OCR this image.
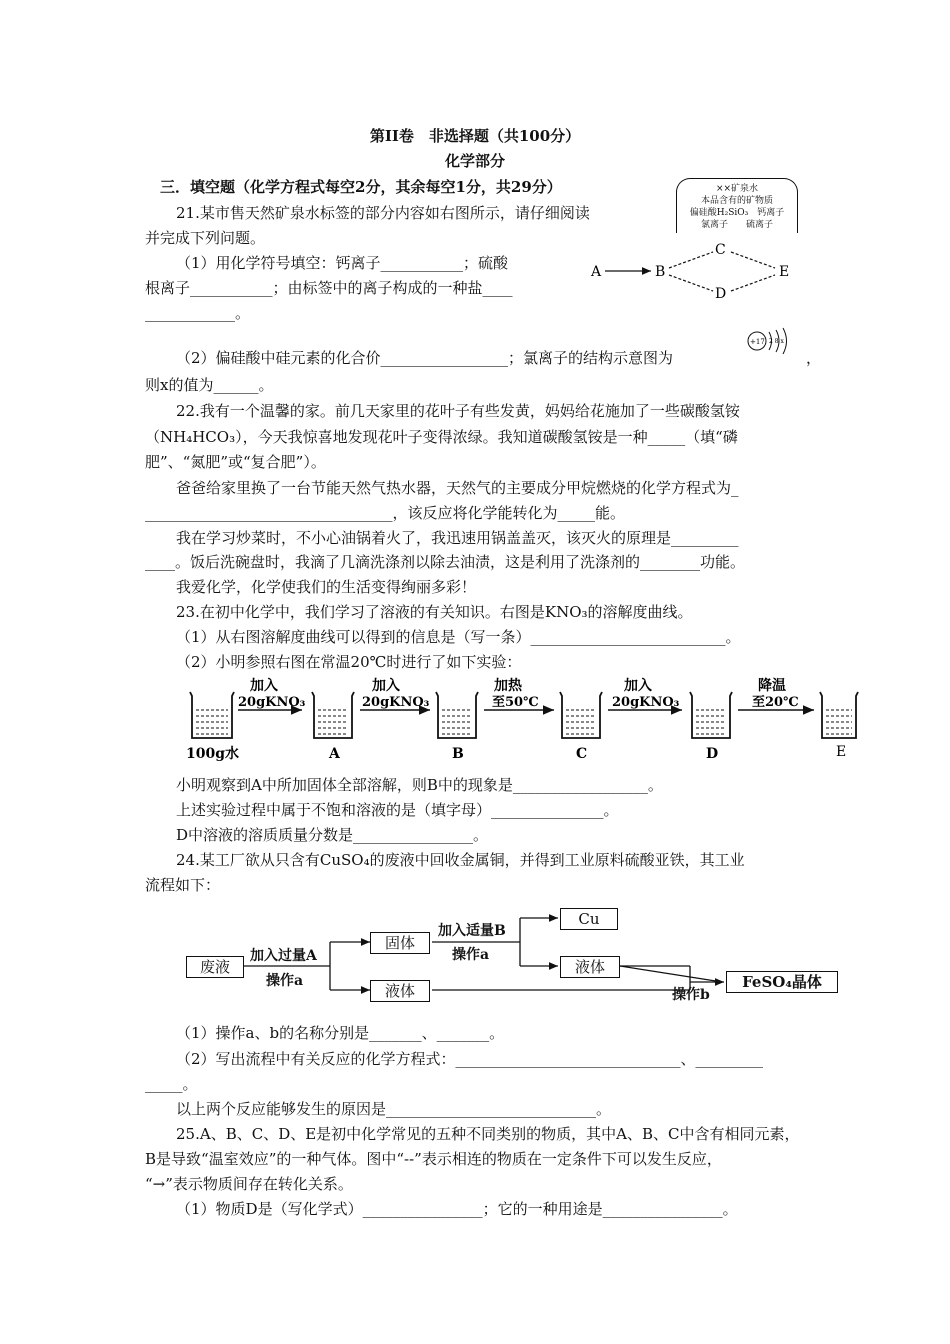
第II卷　非选择题（共100分）
化学部分
三．填空题（化学方程式每空2分，其余每空1分，共29分）
21.某市售天然矿泉水标签的部分内容如右图所示，请仔细阅读
并完成下列问题。
（1）用化学符号填空：钙离子___________；硫酸
根离子___________；由标签中的离子构成的一种盐____
____________。
（2）偏硅酸中硅元素的化合价_________________；氯离子的结构示意图为	，
则x的值为______。
××矿泉水
本品含有的矿物质
偏硅酸H₂SiO₃　钙离子
氯离子　　硫离子
A	B
C
D
E
+17 2 8 x
22.我有一个温馨的家。前几天家里的花叶子有些发黄，妈妈给花施加了一些碳酸氢铵
（NH₄HCO₃），今天我惊喜地发现花叶子变得浓绿。我知道碳酸氢铵是一种_____（填“磷
肥”、“氮肥”或“复合肥”）。
爸爸给家里换了一台节能天然气热水器，天然气的主要成分甲烷燃烧的化学方程式为_
_________________________________，该反应将化学能转化为_____能。
我在学习炒菜时，不小心油锅着火了，我迅速用锅盖盖灭，该灭火的原理是_________
____。饭后洗碗盘时，我滴了几滴洗涤剂以除去油渍，这是利用了洗涤剂的________功能。
我爱化学，化学使我们的生活变得绚丽多彩！
23.在初中化学中，我们学习了溶液的有关知识。右图是KNO₃的溶解度曲线。
（1）从右图溶解度曲线可以得到的信息是（写一条）__________________________。
（2）小明参照右图在常温20℃时进行了如下实验：
100g水
加入
20gKNO₃
A
加入
20gKNO₃
B
加热
至50℃
C
加入
20gKNO₃
D
降温
至20℃
E
小明观察到A中所加固体全部溶解，则B中的现象是__________________。
上述实验过程中属于不饱和溶液的是（填字母）_______________。
D中溶液的溶质质量分数是________________。
24.某工厂欲从只含有CuSO₄的废液中回收金属铜，并得到工业原料硫酸亚铁，其工业
流程如下：
废液
加入过量A
操作a
固体
液体
加入适量B
操作a
Cu
液体
操作b
FeSO₄晶体
（1）操作a、b的名称分别是_______、_______。
（2）写出流程中有关反应的化学方程式：______________________________、_________
_____。
以上两个反应能够发生的原因是____________________________。
25.A、B、C、D、E是初中化学常见的五种不同类别的物质，其中A、B、C中含有相同元素，
B是导致“温室效应”的一种气体。图中“--”表示相连的物质在一定条件下可以发生反应，
“→”表示物质间存在转化关系。
（1）物质D是（写化学式）________________；它的一种用途是________________。
